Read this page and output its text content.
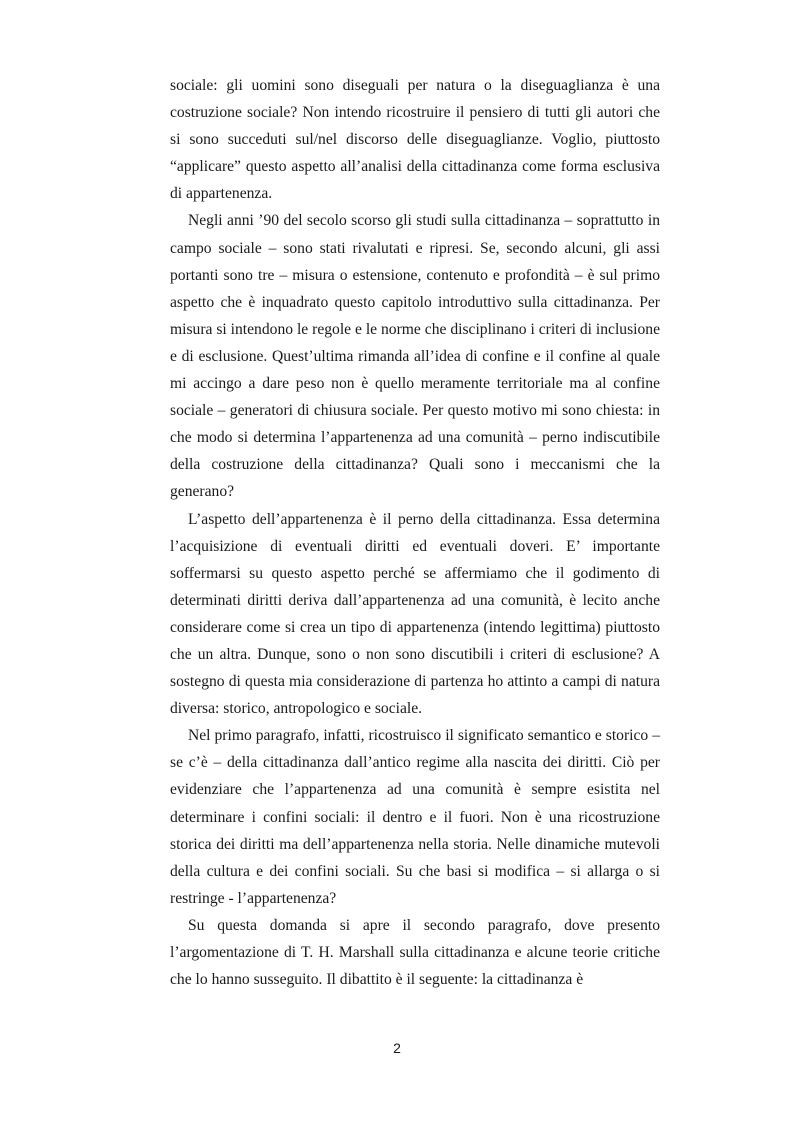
sociale: gli uomini sono diseguali per natura o la diseguaglianza è una costruzione sociale? Non intendo ricostruire il pensiero di tutti gli autori che si sono succeduti sul/nel discorso delle diseguaglianze. Voglio, piuttosto “applicare” questo aspetto all’analisi della cittadinanza come forma esclusiva di appartenenza.

Negli anni ’90 del secolo scorso gli studi sulla cittadinanza – soprattutto in campo sociale – sono stati rivalutati e ripresi. Se, secondo alcuni, gli assi portanti sono tre – misura o estensione, contenuto e profondità – è sul primo aspetto che è inquadrato questo capitolo introduttivo sulla cittadinanza. Per misura si intendono le regole e le norme che disciplinano i criteri di inclusione e di esclusione. Quest’ultima rimanda all’idea di confine e il confine al quale mi accingo a dare peso non è quello meramente territoriale ma al confine sociale – generatori di chiusura sociale. Per questo motivo mi sono chiesta: in che modo si determina l’appartenenza ad una comunità – perno indiscutibile della costruzione della cittadinanza? Quali sono i meccanismi che la generano?

L’aspetto dell’appartenenza è il perno della cittadinanza. Essa determina l’acquisizione di eventuali diritti ed eventuali doveri. E’ importante soffermarsi su questo aspetto perché se affermiamo che il godimento di determinati diritti deriva dall’appartenenza ad una comunità, è lecito anche considerare come si crea un tipo di appartenenza (intendo legittima) piuttosto che un altra. Dunque, sono o non sono discutibili i criteri di esclusione? A sostegno di questa mia considerazione di partenza ho attinto a campi di natura diversa: storico, antropologico e sociale.

Nel primo paragrafo, infatti, ricostruisco il significato semantico e storico – se c’è – della cittadinanza dall’antico regime alla nascita dei diritti. Ciò per evidenziare che l’appartenenza ad una comunità è sempre esistita nel determinare i confini sociali: il dentro e il fuori. Non è una ricostruzione storica dei diritti ma dell’appartenenza nella storia. Nelle dinamiche mutevoli della cultura e dei confini sociali. Su che basi si modifica – si allarga o si restringe - l’appartenenza?

Su questa domanda si apre il secondo paragrafo, dove presento l’argomentazione di T. H. Marshall sulla cittadinanza e alcune teorie critiche che lo hanno susseguito. Il dibattito è il seguente: la cittadinanza è

2
